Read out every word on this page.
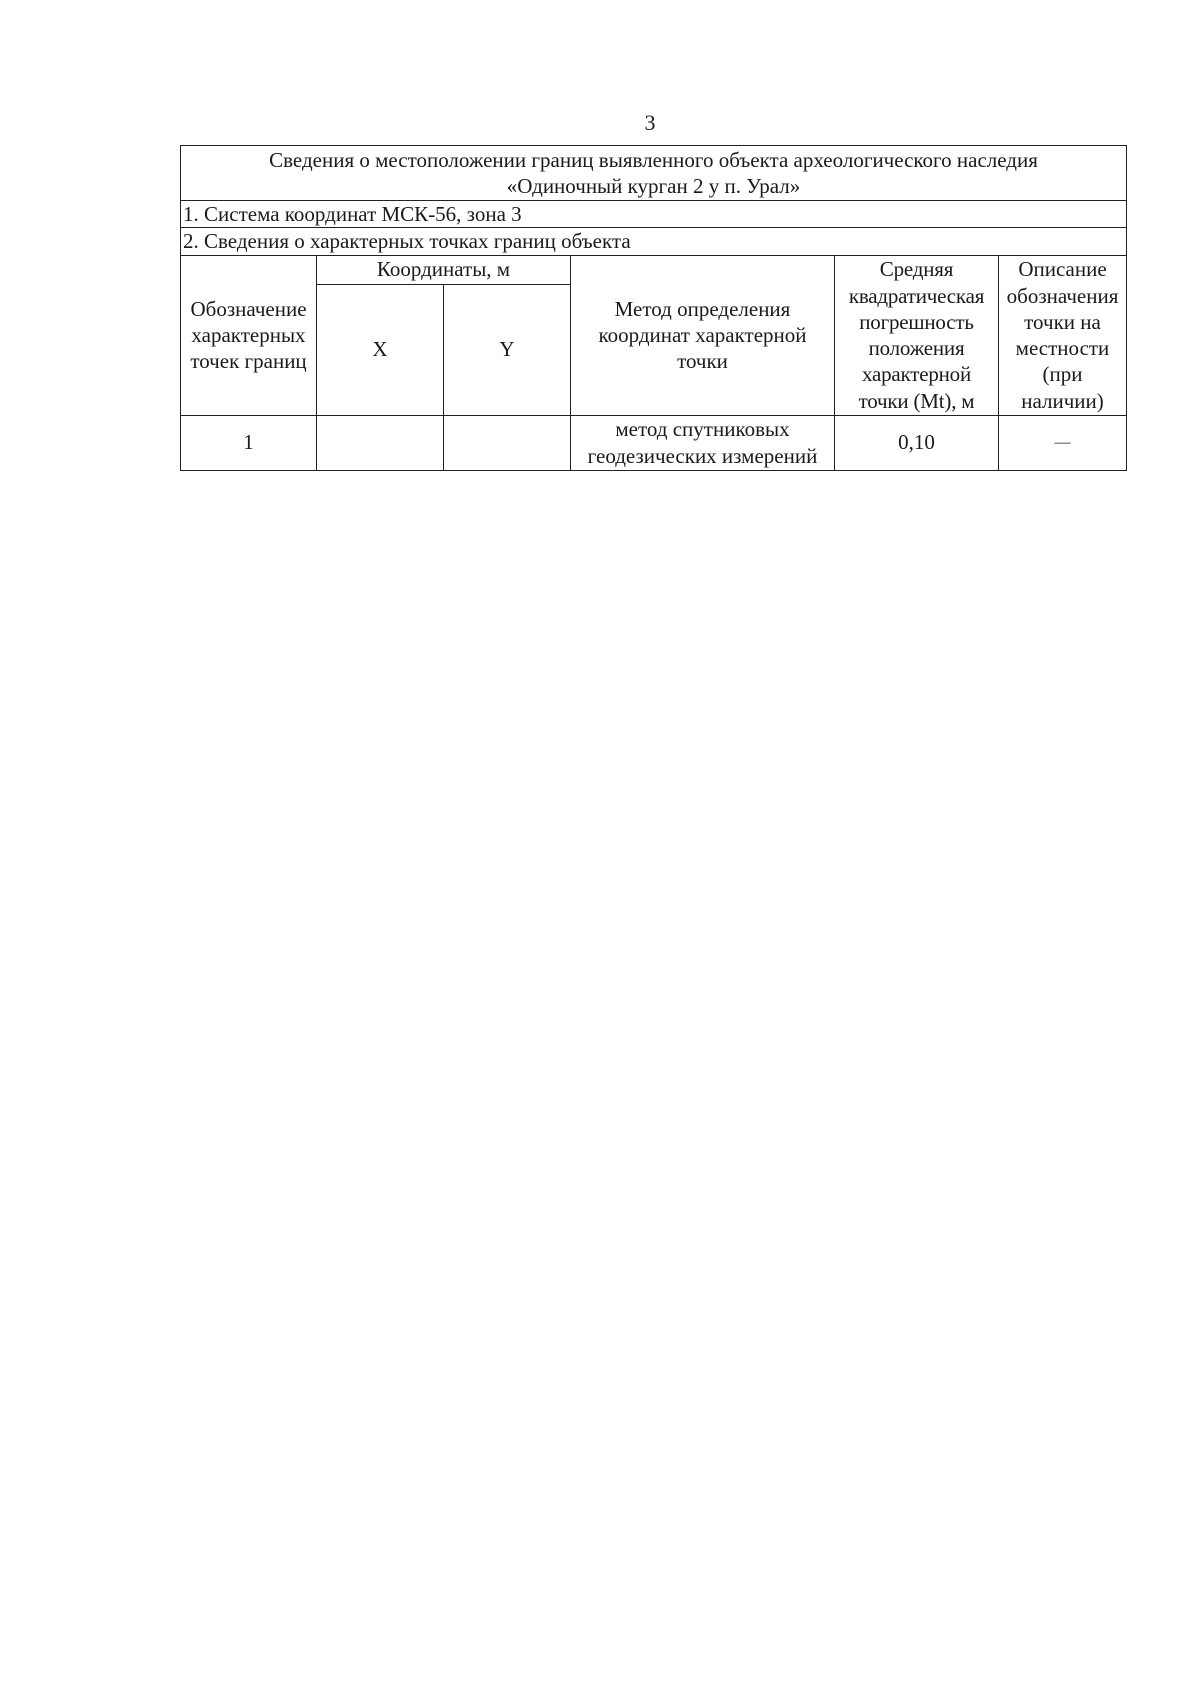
3
Сведения о местоположении границ выявленного объекта археологического наследия
«Одиночный курган 2 у п. Урал»					

1. Система координат МСК-56, зона 3					
2. Сведения о характерных точках границ объекта					
Обозначение характерных точек границ	Координаты, м		Метод определения координат характерной точки	Средняя квадратическая погрешность положения характерной точки (Mt), м	Описание обозначения точки на местности (при наличии)
	X	Y			
1			метод спутниковых геодезических измерений	0,10	—
